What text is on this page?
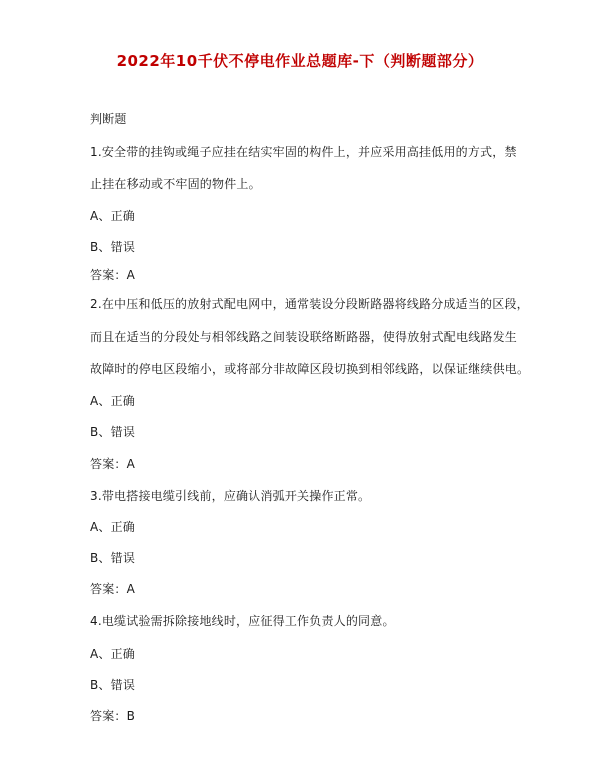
2022年10千伏不停电作业总题库-下（判断题部分）
判断题
1.安全带的挂钩或绳子应挂在结实牢固的构件上，并应采用高挂低用的方式，禁
止挂在移动或不牢固的物件上。
A、正确
B、错误
答案：A
2.在中压和低压的放射式配电网中，通常装设分段断路器将线路分成适当的区段，
而且在适当的分段处与相邻线路之间装设联络断路器，使得放射式配电线路发生
故障时的停电区段缩小，或将部分非故障区段切换到相邻线路，以保证继续供电。
A、正确
B、错误
答案：A
3.带电搭接电缆引线前，应确认消弧开关操作正常。
A、正确
B、错误
答案：A
4.电缆试验需拆除接地线时，应征得工作负责人的同意。
A、正确
B、错误
答案：B
